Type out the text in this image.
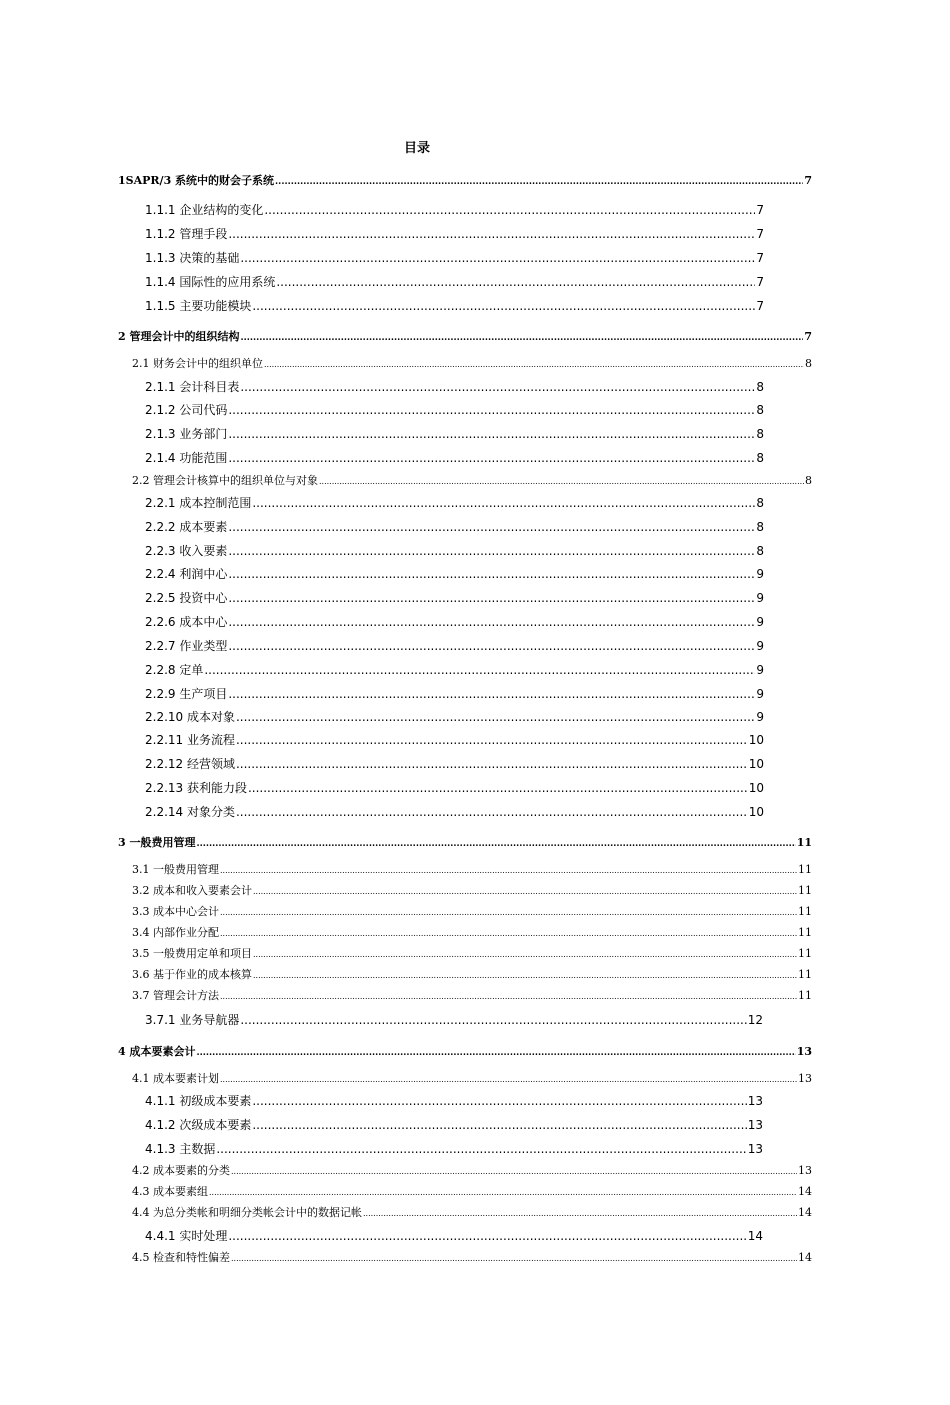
目录
1SAPR/3 系统中的财会子系统 .....	7
1.1.1 企业结构的变化 .....	7
1.1.2 管理手段 .....	7
1.1.3 决策的基础 .....	7
1.1.4 国际性的应用系统 .....	7
1.1.5 主要功能模块 .....	7
2 管理会计中的组织结构 .....	7
2.1 财务会计中的组织单位 .....	8
2.1.1 会计科目表 .....	8
2.1.2 公司代码 .....	8
2.1.3 业务部门 .....	8
2.1.4 功能范围 .....	8
2.2 管理会计核算中的组织单位与对象 .....	8
2.2.1 成本控制范围 .....	8
2.2.2 成本要素 .....	8
2.2.3 收入要素 .....	8
2.2.4 利润中心 .....	9
2.2.5 投资中心 .....	9
2.2.6 成本中心 .....	9
2.2.7 作业类型 .....	9
2.2.8 定单 .....	9
2.2.9 生产项目 .....	9
2.2.10 成本对象 .....	9
2.2.11 业务流程 .....	10
2.2.12 经营领域 .....	10
2.2.13 获利能力段 .....	10
2.2.14 对象分类 .....	10
3 一般费用管理 .....	11
3.1 一般费用管理 .....	11
3.2 成本和收入要素会计 .....	11
3.3 成本中心会计 .....	11
3.4 内部作业分配 .....	11
3.5 一般费用定单和项目 .....	11
3.6 基于作业的成本核算 .....	11
3.7 管理会计方法 .....	11
3.7.1 业务导航器 .....	12
4 成本要素会计 .....	13
4.1 成本要素计划 .....	13
4.1.1 初级成本要素 .....	13
4.1.2 次级成本要素 .....	13
4.1.3 主数据 .....	13
4.2 成本要素的分类 .....	13
4.3 成本要素组 .....	14
4.4 为总分类帐和明细分类帐会计中的数据记帐 .....	14
4.4.1 实时处理 .....	14
4.5 检查和特性偏差 .....	14
